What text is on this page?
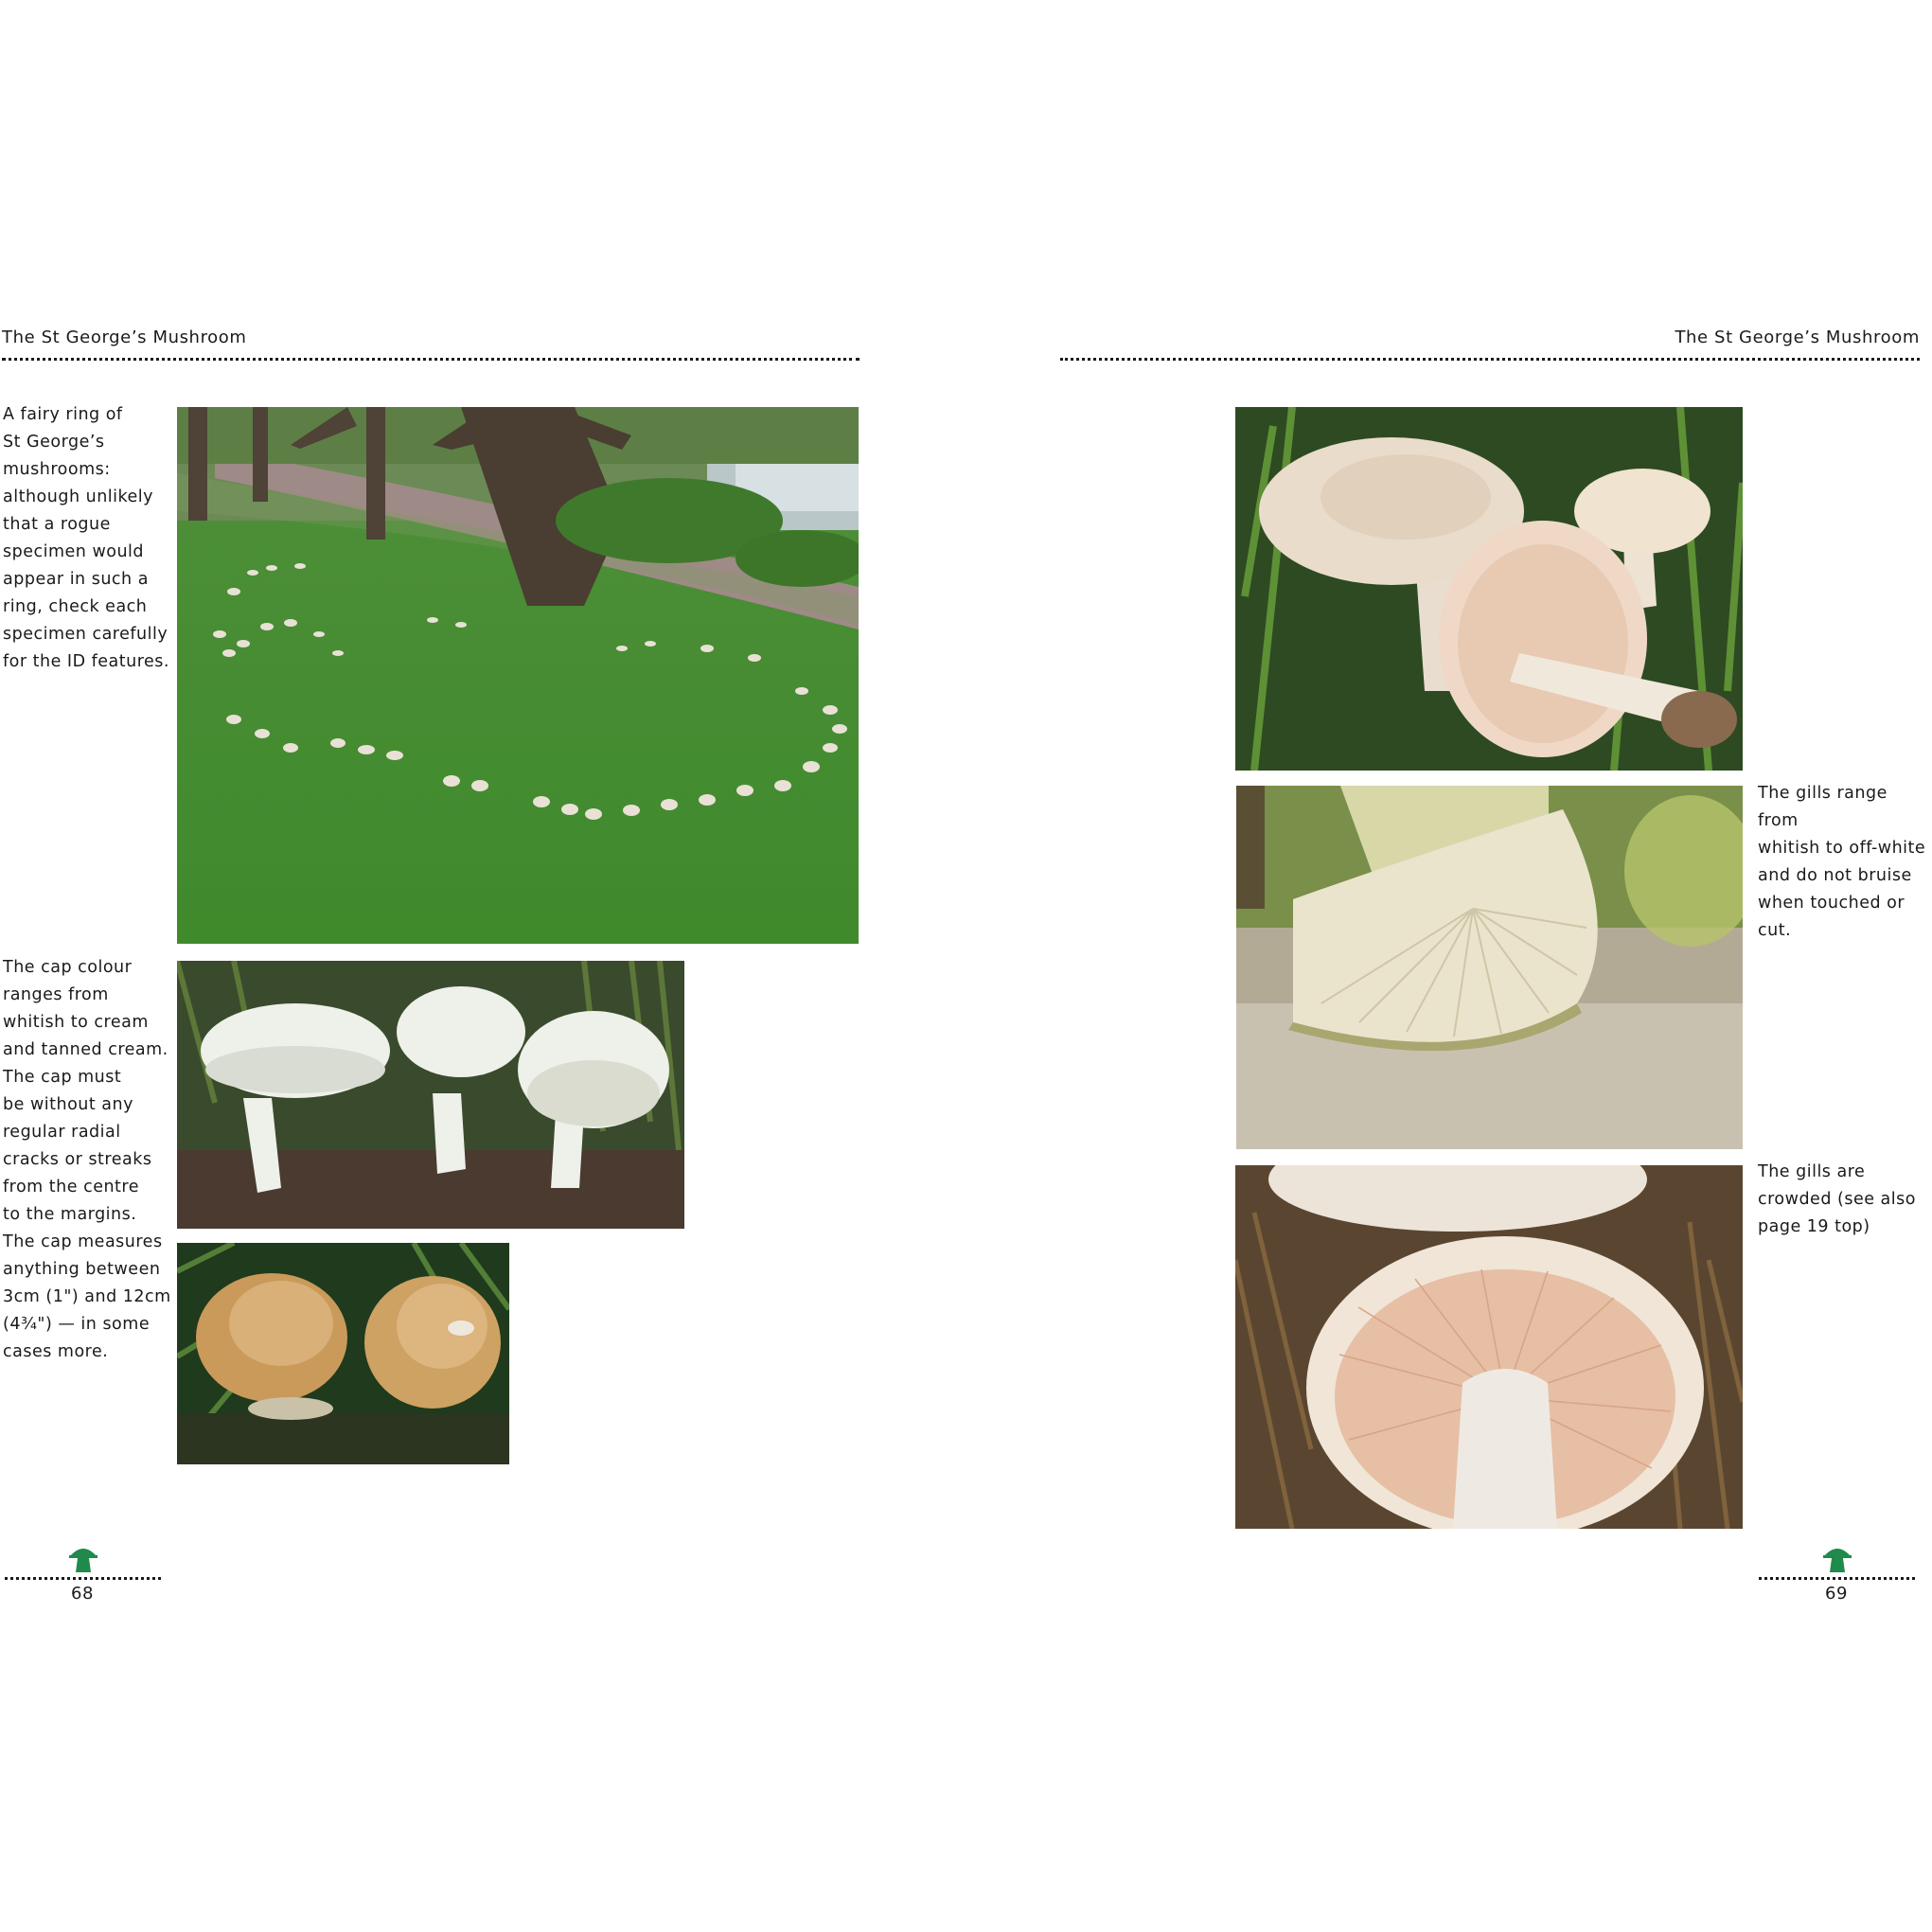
The St George’s Mushroom
A fairy ring of
St George’s
mushrooms:
although unlikely
that a rogue
specimen would
appear in such a
ring, check each
specimen carefully
for the ID features.
The cap colour
ranges from
whitish to cream
and tanned cream.
The cap must
be without any
regular radial
cracks or streaks
from the centre
to the margins.
The cap measures
anything between
3cm (1") and 12cm
(4¾") — in some
cases more.
68
The St George’s Mushroom
The gills range from
whitish to off-white
and do not bruise
when touched or cut.
The gills are
crowded (see also
page 19 top)
69
